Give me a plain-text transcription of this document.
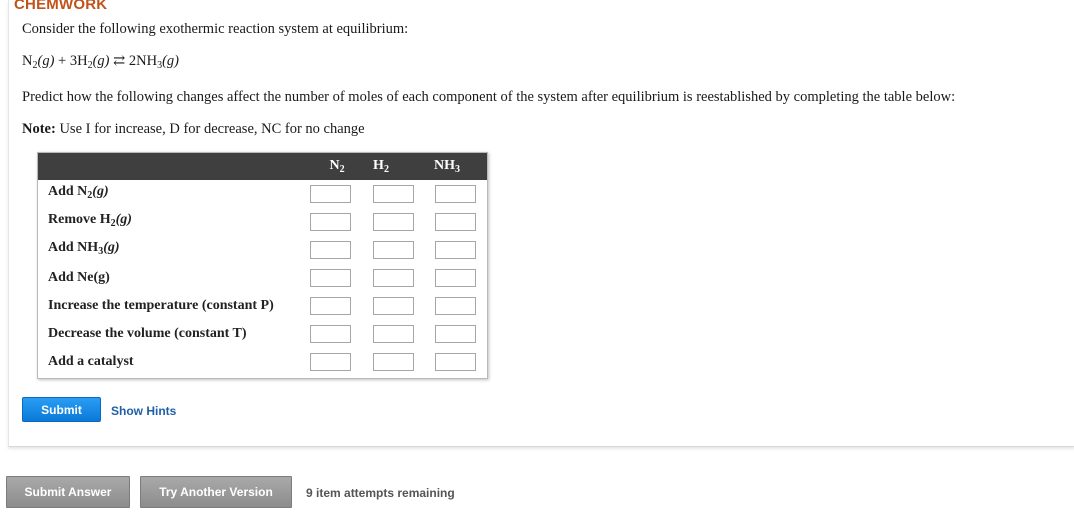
CHEMWORK
Consider the following exothermic reaction system at equilibrium:
$N_2(g) + 3H_2(g)$ ⇄ $2NH_3(g)$
Predict how the following changes affect the number of moles of each component of the system after equilibrium is reestablished by completing the table below:
Note: Use I for increase, D for decrease, NC for no change
$N_2$	$H_2$	$NH_3$
Add $N_2(g)$
Remove $H_2(g)$
Add $NH_3(g)$
Add Ne(g)
Increase the temperature (constant P)
Decrease the volume (constant T)
Add a catalyst
Submit	Show Hints
Submit Answer	Try Another Version	9 item attempts remaining
